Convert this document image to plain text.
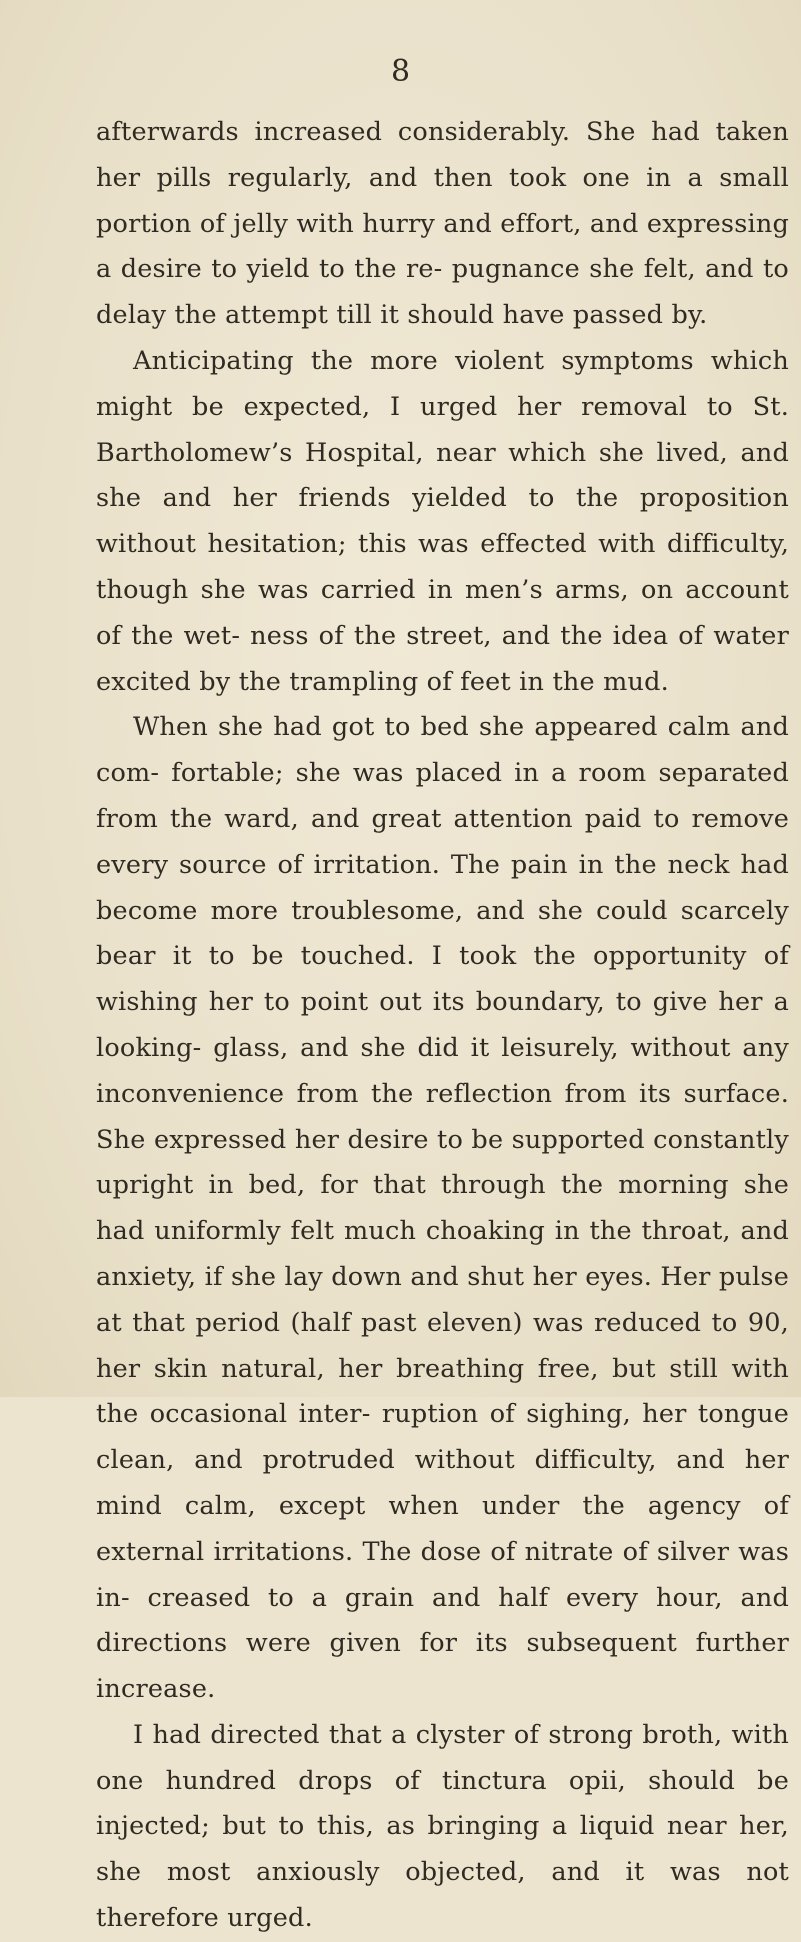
8

afterwards increased considerably. She had taken her pills regularly, and then took one in a small portion of jelly with hurry and effort, and expressing a desire to yield to the re- pugnance she felt, and to delay the attempt till it should have passed by.

Anticipating the more violent symptoms which might be expected, I urged her removal to St. Bartholomew’s Hospital, near which she lived, and she and her friends yielded to the proposition without hesitation; this was effected with difficulty, though she was carried in men’s arms, on account of the wet- ness of the street, and the idea of water excited by the trampling of feet in the mud.

When she had got to bed she appeared calm and com- fortable; she was placed in a room separated from the ward, and great attention paid to remove every source of irritation. The pain in the neck had become more troublesome, and she could scarcely bear it to be touched. I took the opportunity of wishing her to point out its boundary, to give her a looking- glass, and she did it leisurely, without any inconvenience from the reflection from its surface. She expressed her desire to be supported constantly upright in bed, for that through the morning she had uniformly felt much choaking in the throat, and anxiety, if she lay down and shut her eyes. Her pulse at that period (half past eleven) was reduced to 90, her skin natural, her breathing free, but still with the occasional inter- ruption of sighing, her tongue clean, and protruded without difficulty, and her mind calm, except when under the agency of external irritations. The dose of nitrate of silver was in- creased to a grain and half every hour, and directions were given for its subsequent further increase.

I had directed that a clyster of strong broth, with one hundred drops of tinctura opii, should be injected; but to this, as bringing a liquid near her, she most anxiously objected, and it was not therefore urged.
